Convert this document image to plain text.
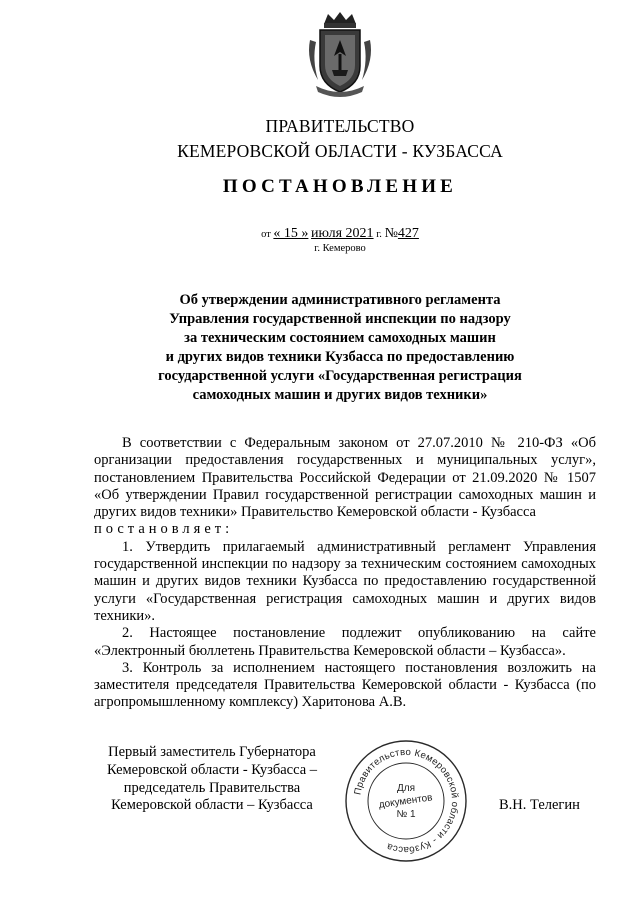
ПРАВИТЕЛЬСТВО
КЕМЕРОВСКОЙ ОБЛАСТИ - КУЗБАССА
ПОСТАНОВЛЕНИЕ
от « 15 » июля 2021 г. №427
г. Кемерово
Об утверждении административного регламента
Управления государственной инспекции по надзору
за техническим состоянием самоходных машин
и других видов техники Кузбасса по предоставлению
государственной услуги «Государственная регистрация
самоходных машин и других видов техники»

В соответствии с Федеральным законом от 27.07.2010 № 210-ФЗ «Об организации предоставления государственных и муниципальных услуг», постановлением Правительства Российской Федерации от 21.09.2020 № 1507 «Об утверждении Правил государственной регистрации самоходных машин и других видов техники» Правительство Кемеровской области - Кузбасса

постановляет:

1. Утвердить прилагаемый административный регламент Управления государственной инспекции по надзору за техническим состоянием самоходных машин и других видов техники Кузбасса по предоставлению государственной услуги «Государственная регистрация самоходных машин и других видов техники».

2. Настоящее постановление подлежит опубликованию на сайте «Электронный бюллетень Правительства Кемеровской области – Кузбасса».

3. Контроль за исполнением настоящего постановления возложить на заместителя председателя Правительства Кемеровской области - Кузбасса (по агропромышленному комплексу) Харитонова А.В.

Первый заместитель Губернатора
Кемеровской области - Кузбасса –
председатель Правительства
Кемеровской области – Кузбасса
Правительство Кемеровской области - Кузбасса
Для
документов
№ 1
В.Н. Телегин
